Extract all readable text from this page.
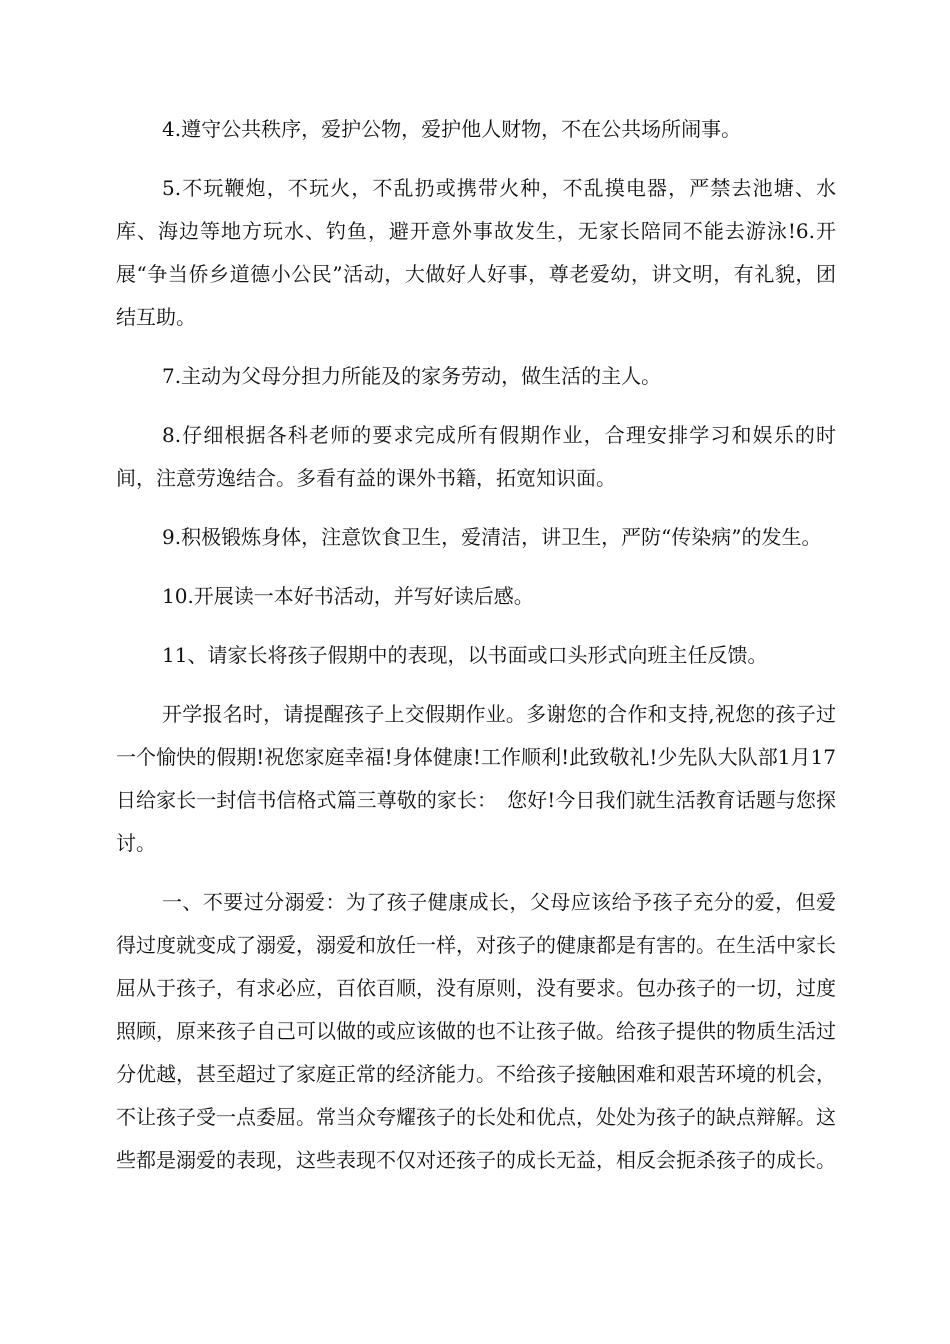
4.遵守公共秩序，爱护公物，爱护他人财物，不在公共场所闹事。

5.不玩鞭炮，不玩火，不乱扔或携带火种，不乱摸电器，严禁去池塘、水库、海边等地方玩水、钓鱼，避开意外事故发生，无家长陪同不能去游泳!6.开展“争当侨乡道德小公民”活动，大做好人好事，尊老爱幼，讲文明，有礼貌，团结互助。

7.主动为父母分担力所能及的家务劳动，做生活的主人。

8.仔细根据各科老师的要求完成所有假期作业，合理安排学习和娱乐的时间，注意劳逸结合。多看有益的课外书籍，拓宽知识面。

9.积极锻炼身体，注意饮食卫生，爱清洁，讲卫生，严防“传染病”的发生。

10.开展读一本好书活动，并写好读后感。

11、请家长将孩子假期中的表现，以书面或口头形式向班主任反馈。

开学报名时，请提醒孩子上交假期作业。多谢您的合作和支持,祝您的孩子过一个愉快的假期!祝您家庭幸福!身体健康!工作顺利!此致敬礼!少先队大队部1月17日给家长一封信书信格式篇三尊敬的家长：　您好!今日我们就生活教育话题与您探讨。

一、不要过分溺爱：为了孩子健康成长，父母应该给予孩子充分的爱，但爱得过度就变成了溺爱，溺爱和放任一样，对孩子的健康都是有害的。在生活中家长屈从于孩子，有求必应，百依百顺，没有原则，没有要求。包办孩子的一切，过度照顾，原来孩子自己可以做的或应该做的也不让孩子做。给孩子提供的物质生活过分优越，甚至超过了家庭正常的经济能力。不给孩子接触困难和艰苦环境的机会，不让孩子受一点委屈。常当众夸耀孩子的长处和优点，处处为孩子的缺点辩解。这些都是溺爱的表现，这些表现不仅对还孩子的成长无益，相反会扼杀孩子的成长。
